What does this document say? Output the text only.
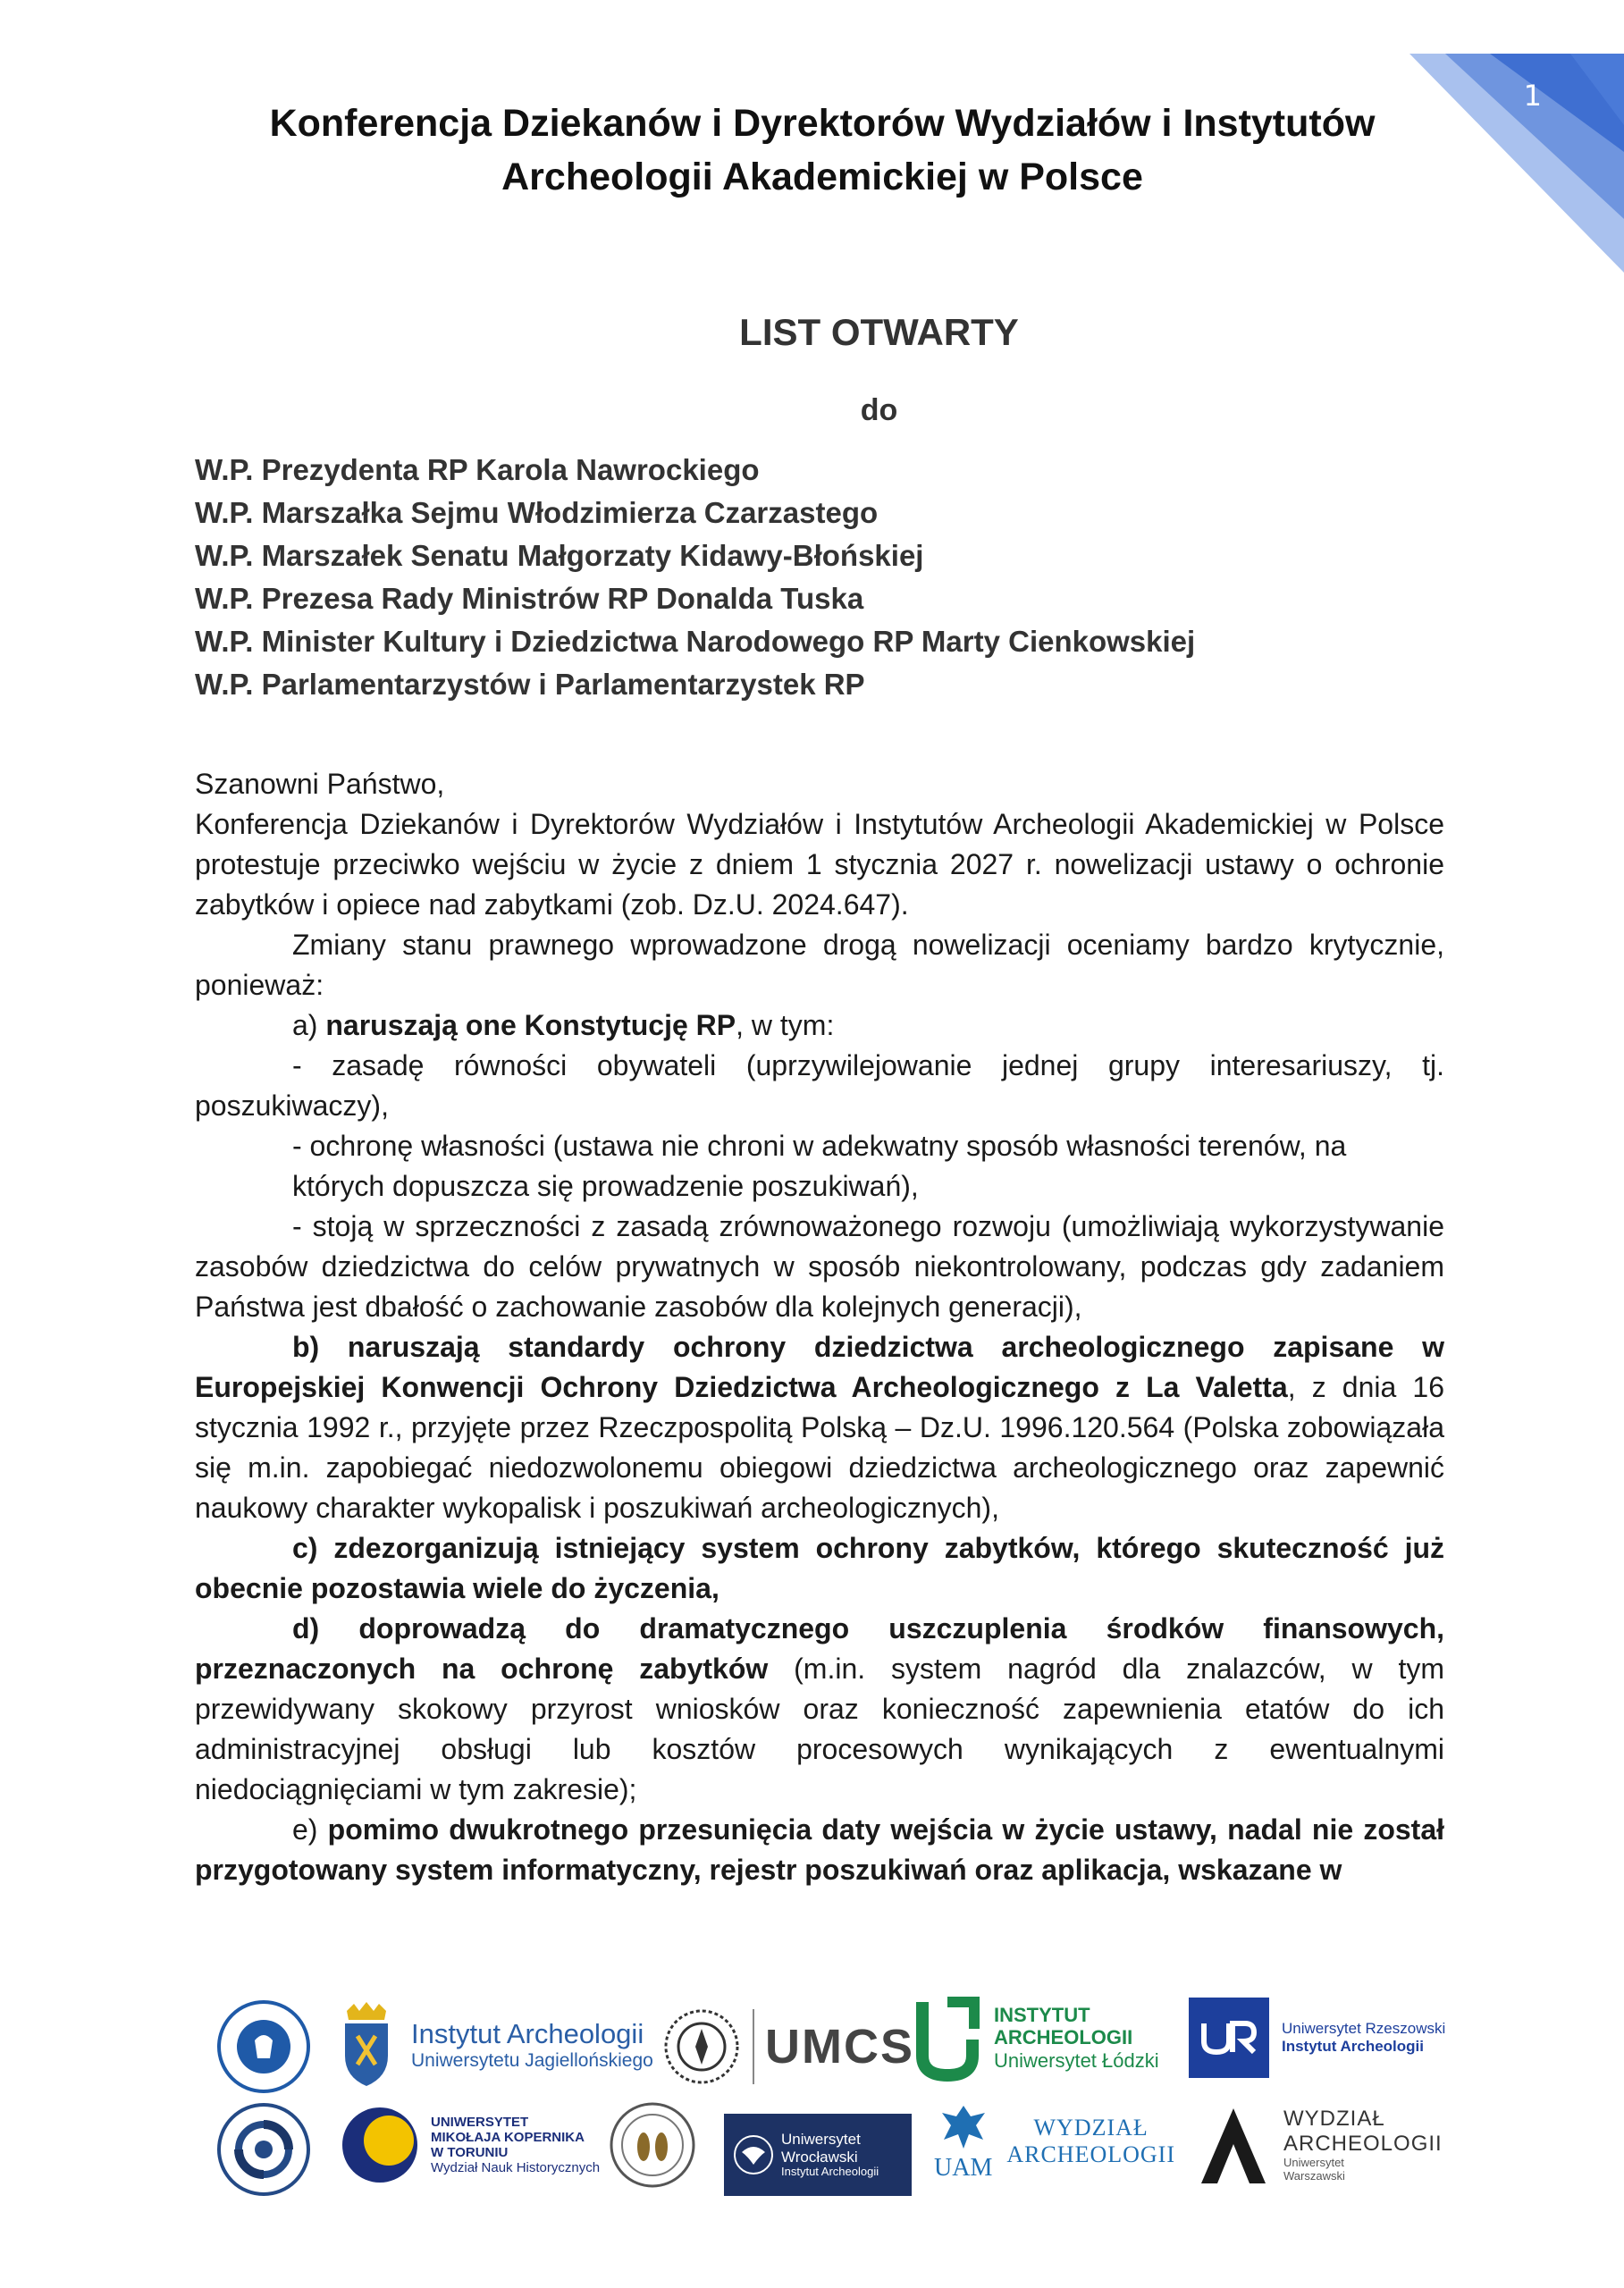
1
Konferencja Dziekanów i Dyrektorów Wydziałów i Instytutów
Archeologii Akademickiej w Polsce
LIST OTWARTY
do
W.P. Prezydenta RP Karola Nawrockiego
W.P. Marszałka Sejmu Włodzimierza Czarzastego
W.P. Marszałek Senatu Małgorzaty Kidawy-Błońskiej
W.P. Prezesa Rady Ministrów RP Donalda Tuska
W.P. Minister Kultury i Dziedzictwa Narodowego RP Marty Cienkowskiej
W.P. Parlamentarzystów i Parlamentarzystek RP

Szanowni Państwo,

Konferencja Dziekanów i Dyrektorów Wydziałów i Instytutów Archeologii Akademickiej w Polsce protestuje przeciwko wejściu w życie z dniem 1 stycznia 2027 r. nowelizacji ustawy o ochronie zabytków i opiece nad zabytkami (zob. Dz.U. 2024.647).

Zmiany stanu prawnego wprowadzone drogą nowelizacji oceniamy bardzo krytycznie, ponieważ:

a) naruszają one Konstytucję RP, w tym:

- zasadę równości obywateli (uprzywilejowanie jednej grupy interesariuszy, tj. poszukiwaczy),

- ochronę własności (ustawa nie chroni w adekwatny sposób własności terenów, na
których dopuszcza się prowadzenie poszukiwań),

- stoją w sprzeczności z zasadą zrównoważonego rozwoju (umożliwiają wykorzystywanie zasobów dziedzictwa do celów prywatnych w sposób niekontrolowany, podczas gdy zadaniem Państwa jest dbałość o zachowanie zasobów dla kolejnych generacji),

b) naruszają standardy ochrony dziedzictwa archeologicznego zapisane w Europejskiej Konwencji Ochrony Dziedzictwa Archeologicznego z La Valetta, z dnia 16 stycznia 1992 r., przyjęte przez Rzeczpospolitą Polską – Dz.U. 1996.120.564 (Polska zobowiązała się m.in. zapobiegać niedozwolonemu obiegowi dziedzictwa archeologicznego oraz zapewnić naukowy charakter wykopalisk i poszukiwań archeologicznych),

c) zdezorganizują istniejący system ochrony zabytków, którego skuteczność już obecnie pozostawia wiele do życzenia,

d) doprowadzą do dramatycznego uszczuplenia środków finansowych, przeznaczonych na ochronę zabytków (m.in. system nagród dla znalazców, w tym przewidywany skokowy przyrost wniosków oraz konieczność zapewnienia etatów do ich administracyjnej obsługi lub kosztów procesowych wynikających z ewentualnymi niedociągnięciami w tym zakresie);

e) pomimo dwukrotnego przesunięcia daty wejścia w życie ustawy, nadal nie został przygotowany system informatyczny, rejestr poszukiwań oraz aplikacja, wskazane w

Instytut Archeologii
Uniwersytetu Jagiellońskiego UMCS
INSTYTUT
ARCHEOLOGII
Uniwersytet Łódzki
Uniwersytet Rzeszowski
Instytut Archeologii
UNIWERSYTET
MIKOŁAJA KOPERNIKA
W TORUNIU
Wydział Nauk Historycznych
Uniwersytet
Wrocławski
Instytut Archeologii UAM
WYDZIAŁ
ARCHEOLOGII
WYDZIAŁ
ARCHEOLOGII
Uniwersytet
Warszawski
